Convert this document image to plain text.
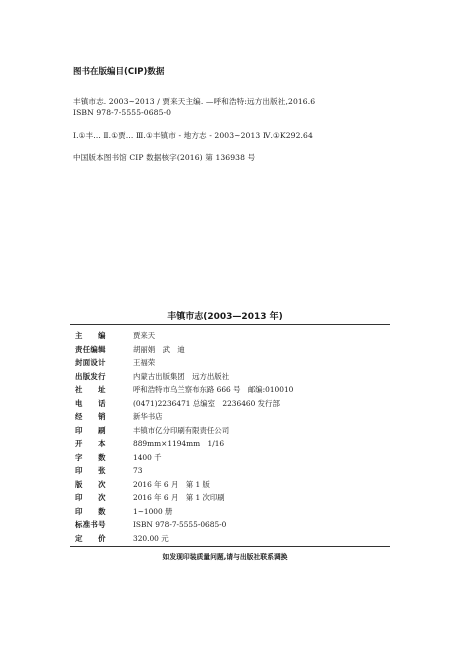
图书在版编目(CIP)数据
丰镇市志. 2003~2013 / 贾来天主编. —呼和浩特:远方出版社,2016.6
ISBN 978-7-5555-0685-0
Ⅰ.①丰… Ⅱ.①贾… Ⅲ.①丰镇市 - 地方志 - 2003~2013 Ⅳ.①K292.64
中国版本图书馆 CIP 数据核字(2016) 第 136938 号
丰镇市志(2003—2013 年)
主　　编	贾来天
责任编辑	胡丽娟　武　迪
封面设计	王福荣
出版发行	内蒙古出版集团　远方出版社
社　　址	呼和浩特市乌兰察布东路 666 号　邮编:010010
电　　话	(0471)2236471 总编室　2236460 发行部
经　　销	新华书店
印　　刷	丰镇市亿分印刷有限责任公司
开　　本	889mm×1194mm　1/16
字　　数	1400 千
印　　张	73
版　　次	2016 年 6 月　第 1 版
印　　次	2016 年 6 月　第 1 次印刷
印　　数	1~1000 册
标准书号	ISBN 978-7-5555-0685-0
定　　价	320.00 元
如发现印装质量问题,请与出版社联系调换
